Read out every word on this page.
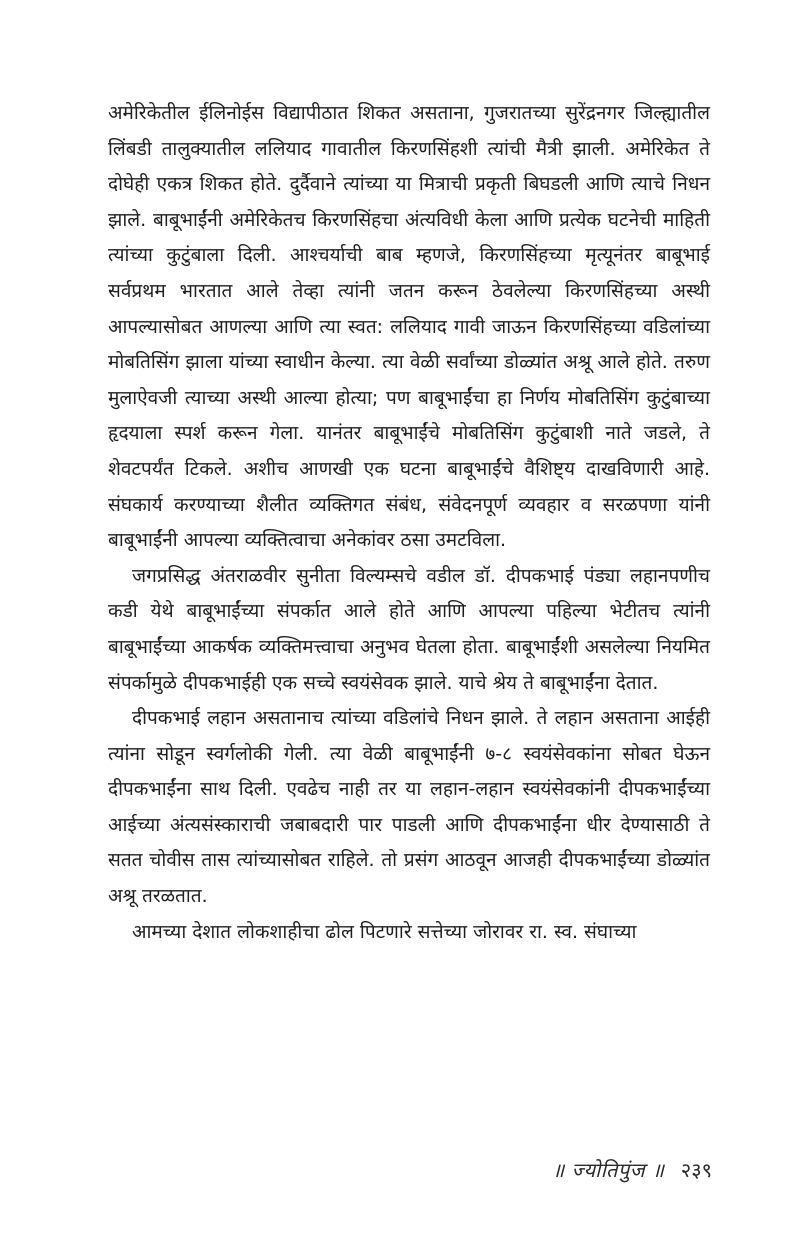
अमेरिकेतील ईलिनोईस विद्यापीठात शिकत असताना, गुजरातच्या सुरेंद्रनगर जिल्ह्यातील लिंबडी तालुक्यातील ललियाद गावातील किरणसिंहशी त्यांची मैत्री झाली. अमेरिकेत ते दोघेही एकत्र शिकत होते. दुर्दैवाने त्यांच्या या मित्राची प्रकृती बिघडली आणि त्याचे निधन झाले. बाबूभाईंनी अमेरिकेतच किरणसिंहचा अंत्यविधी केला आणि प्रत्येक घटनेची माहिती त्यांच्या कुटुंबाला दिली. आश्चर्याची बाब म्हणजे, किरणसिंहच्या मृत्यूनंतर बाबूभाई सर्वप्रथम भारतात आले तेव्हा त्यांनी जतन करून ठेवलेल्या किरणसिंहच्या अस्थी आपल्यासोबत आणल्या आणि त्या स्वत: ललियाद गावी जाऊन किरणसिंहच्या वडिलांच्या मोबतिसिंग झाला यांच्या स्वाधीन केल्या. त्या वेळी सर्वांच्या डोळ्यांत अश्रू आले होते. तरुण मुलाऐवजी त्याच्या अस्थी आल्या होत्या; पण बाबूभाईंचा हा निर्णय मोबतिसिंग कुटुंबाच्या हृदयाला स्पर्श करून गेला. यानंतर बाबूभाईंचे मोबतिसिंग कुटुंबाशी नाते जडले, ते शेवटपर्यंत टिकले. अशीच आणखी एक घटना बाबूभाईंचे वैशिष्ट्य दाखविणारी आहे. संघकार्य करण्याच्या शैलीत व्यक्तिगत संबंध, संवेदनपूर्ण व्यवहार व सरळपणा यांनी बाबूभाईंनी आपल्या व्यक्तित्वाचा अनेकांवर ठसा उमटविला.

जगप्रसिद्ध अंतराळवीर सुनीता विल्यम्सचे वडील डॉ. दीपकभाई पंड्या लहानपणीच कडी येथे बाबूभाईंच्या संपर्कात आले होते आणि आपल्या पहिल्या भेटीतच त्यांनी बाबूभाईंच्या आकर्षक व्यक्तिमत्त्वाचा अनुभव घेतला होता. बाबूभाईंशी असलेल्या नियमित संपर्कामुळे दीपकभाईही एक सच्चे स्वयंसेवक झाले. याचे श्रेय ते बाबूभाईंना देतात.

दीपकभाई लहान असतानाच त्यांच्या वडिलांचे निधन झाले. ते लहान असताना आईही त्यांना सोडून स्वर्गलोकी गेली. त्या वेळी बाबूभाईंनी ७-८ स्वयंसेवकांना सोबत घेऊन दीपकभाईंना साथ दिली. एवढेच नाही तर या लहान-लहान स्वयंसेवकांनी दीपकभाईंच्या आईच्या अंत्यसंस्काराची जबाबदारी पार पाडली आणि दीपकभाईंना धीर देण्यासाठी ते सतत चोवीस तास त्यांच्यासोबत राहिले. तो प्रसंग आठवून आजही दीपकभाईंच्या डोळ्यांत अश्रू तरळतात.

आमच्या देशात लोकशाहीचा ढोल पिटणारे सत्तेच्या जोरावर रा. स्व. संघाच्या

॥ ज्योतिपुंज ॥ २३९
